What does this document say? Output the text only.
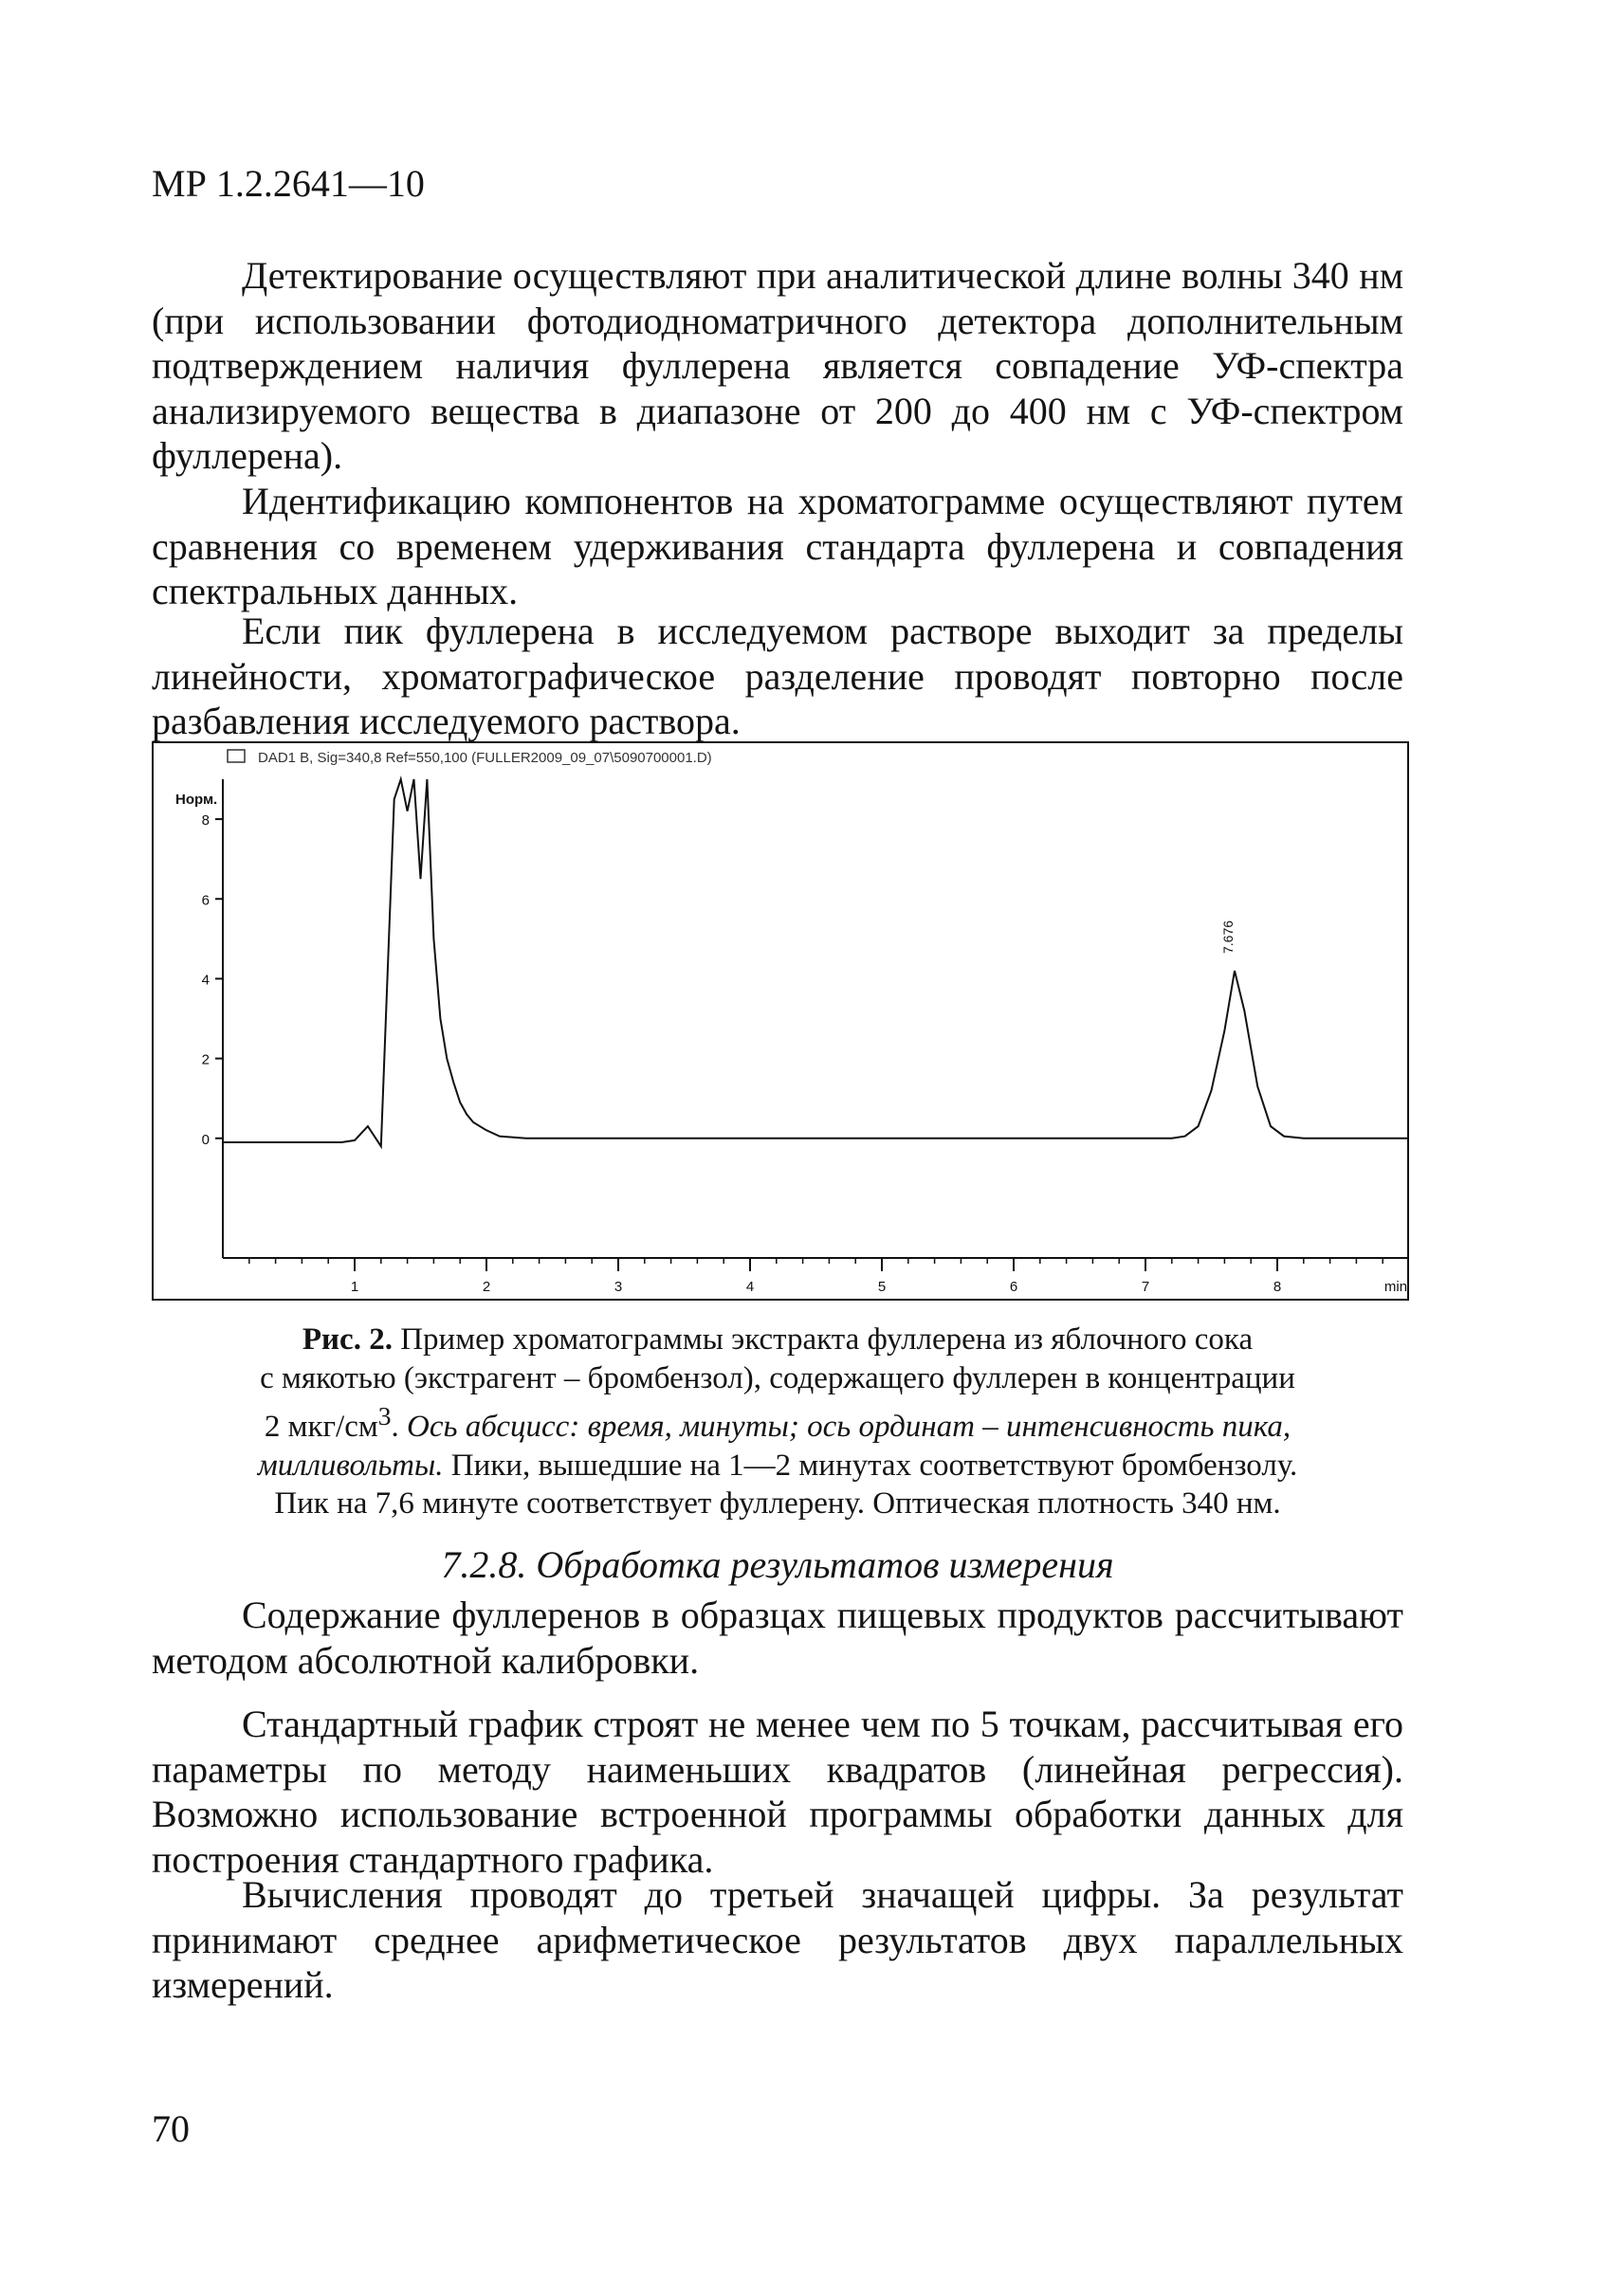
МР 1.2.2641—10

Детектирование осуществляют при аналитической длине волны 340 нм (при использовании фотодиодноматричного детектора дополнительным подтверждением наличия фуллерена является совпадение УФ-спектра анализируемого вещества в диапазоне от 200 до 400 нм с УФ-спектром фуллерена).

Идентификацию компонентов на хроматограмме осуществляют путем сравнения со временем удерживания стандарта фуллерена и совпадения спектральных данных.

Если пик фуллерена в исследуемом растворе выходит за пределы линейности, хроматографическое разделение проводят повторно после разбавления исследуемого раствора.

DAD1 B, Sig=340,8 Ref=550,100 (FULLER2009_09_07\5090700001.D)
Норм.
0
2
4
6
8
1	2	3	4	5	6	7	8	min
7.676
Рис. 2. Пример хроматограммы экстракта фуллерена из яблочного сока
с мякотью (экстрагент – бромбензол), содержащего фуллерен в концентрации
2 мкг/$см^3$. Ось абсцисс: время, минуты; ось ординат – интенсивность пика,
милливольты. Пики, вышедшие на 1—2 минутах соответствуют бромбензолу.
Пик на 7,6 минуте соответствует фуллерену. Оптическая плотность 340 нм.
7.2.8. Обработка результатов измерения

Содержание фуллеренов в образцах пищевых продуктов рассчитывают методом абсолютной калибровки.

Стандартный график строят не менее чем по 5 точкам, рассчитывая его параметры по методу наименьших квадратов (линейная регрессия). Возможно использование встроенной программы обработки данных для построения стандартного графика.

Вычисления проводят до третьей значащей цифры. За результат принимают среднее арифметическое результатов двух параллельных измерений.

70
